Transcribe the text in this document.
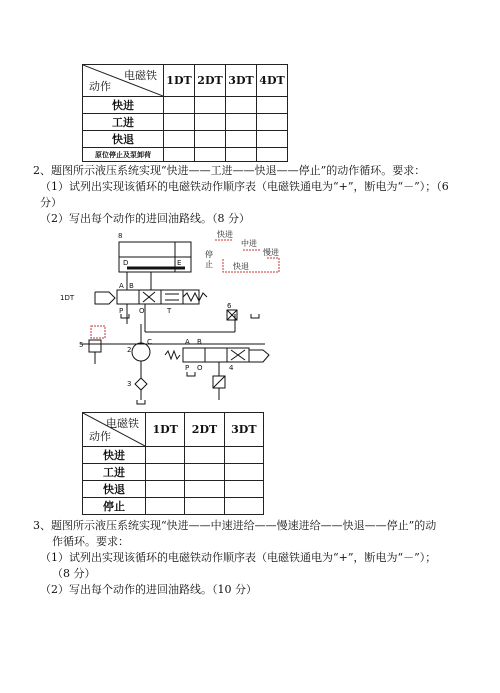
电磁铁
动作	1DT	2DT	3DT	4DT
快进				
工进				
快退				
原位停止及泵卸荷				
2、题图所示液压系统实现“快进——工进——快退——停止”的动作循环。要求：
（1）试列出实现该循环的电磁铁动作顺序表（电磁铁通电为“+”，断电为“－”）；（6
分）
（2）写出每个动作的进回油路线。（8 分）
8
D	E
停止
快进
中进
慢进
快退
1DT
A B
P O	T
6
5	C	A B
P O
2
3
4
电磁铁
动作	1DT	2DT	3DT
快进			
工进			
快退			
停止			
3、题图所示液压系统实现“快进——中速进给——慢速进给——快退——停止”的动
作循环。要求：
（1）试列出实现该循环的电磁铁动作顺序表（电磁铁通电为“+”，断电为“－”）；
（8 分）
（2）写出每个动作的进回油路线。（10 分）
